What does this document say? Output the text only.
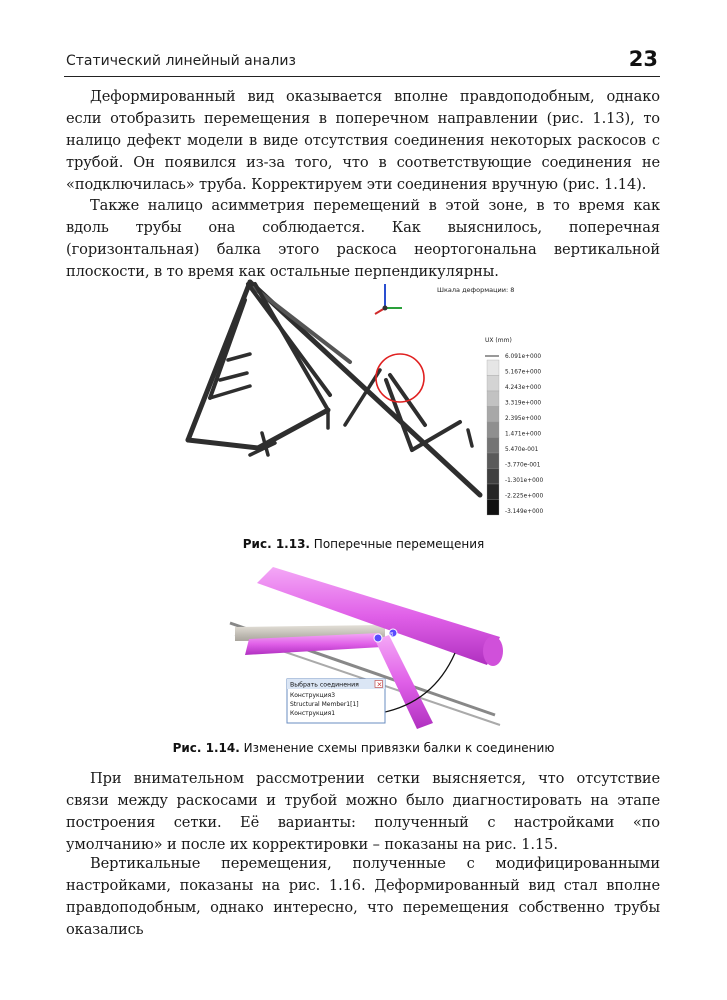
Статический линейный анализ	23

Деформированный вид оказывается вполне правдоподобным, однако если отобразить перемещения в поперечном направлении (рис. 1.13), то налицо дефект модели в виде отсутствия соединения некоторых раскосов с трубой. Он появился из-за того, что в соответствующие соединения не «подключилась» труба. Корректируем эти соединения вручную (рис. 1.14).

Также налицо асимметрия перемещений в этой зоне, в то время как вдоль трубы она соблюдается. Как выяснилось, поперечная (горизонтальная) балка этого раскоса неортогональна вертикальной плоскости, в то время как остальные перпендикулярны.

Шкала деформации: 8
UX (mm)
6.091e+000
5.167e+000
4.243e+000
3.319e+000
2.395e+000
1.471e+000
5.470e-001
-3.770e-001
-1.301e+000
-2.225e+000
-3.149e+000
Рис. 1.13. Поперечные перемещения
8
Выбрать соединения	×
Конструкция3
Structural Member1[1]
Конструкция1
Рис. 1.14. Изменение схемы привязки балки к соединению

При внимательном рассмотрении сетки выясняется, что отсутствие связи между раскосами и трубой можно было диагностировать на этапе построения сетки. Её варианты: полученный с настройками «по умолчанию» и после их корректировки – показаны на рис. 1.15.

Вертикальные перемещения, полученные с модифицированными настройками, показаны на рис. 1.16. Деформированный вид стал вполне правдоподобным, однако интересно, что перемещения собственно трубы оказались
